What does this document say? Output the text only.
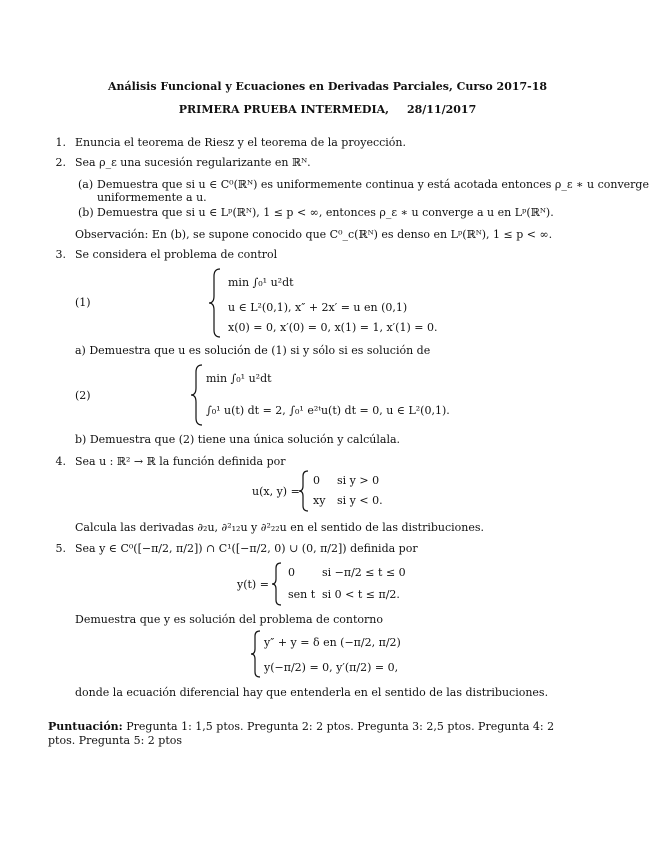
Análisis Funcional y Ecuaciones en Derivadas Parciales, Curso 2017-18
PRIMERA PRUEBA INTERMEDIA, 28/11/2017
1. Enuncia el teorema de Riesz y el teorema de la proyección.
2. Sea ρ_ε una sucesión regularizante en ℝᴺ.
(a) Demuestra que si u ∈ C⁰(ℝᴺ) es uniformemente continua y está acotada entonces ρ_ε ∗ u converge
uniformemente a u.
(b) Demuestra que si u ∈ Lᵖ(ℝᴺ), 1 ≤ p < ∞, entonces ρ_ε ∗ u converge a u en Lᵖ(ℝᴺ).
Observación: En (b), se supone conocido que C⁰_c(ℝᴺ) es denso en Lᵖ(ℝᴺ), 1 ≤ p < ∞.
3. Se considera el problema de control
(1)
min ∫₀¹ u²dt
u ∈ L²(0,1), x″ + 2x′ = u en (0,1)
x(0) = 0, x′(0) = 0, x(1) = 1, x′(1) = 0.
a) Demuestra que u es solución de (1) si y sólo si es solución de
(2)
min ∫₀¹ u²dt
∫₀¹ u(t) dt = 2, ∫₀¹ e²ᵗu(t) dt = 0, u ∈ L²(0,1).
b) Demuestra que (2) tiene una única solución y calcúlala.
4. Sea u : ℝ² → ℝ la función definida por
u(x, y) =
0 si y > 0
xy si y < 0.
Calcula las derivadas ∂₂u, ∂²₁₂u y ∂²₂₂u en el sentido de las distribuciones.
5. Sea y ∈ C⁰([−π/2, π/2]) ∩ C¹([−π/2, 0) ∪ (0, π/2]) definida por
y(t) =
0 si −π/2 ≤ t ≤ 0
sen t si 0 < t ≤ π/2.
Demuestra que y es solución del problema de contorno
y″ + y = δ en (−π/2, π/2)
y(−π/2) = 0, y′(π/2) = 0,
donde la ecuación diferencial hay que entenderla en el sentido de las distribuciones.
Puntuación: Pregunta 1: 1,5 ptos. Pregunta 2: 2 ptos. Pregunta 3: 2,5 ptos. Pregunta 4: 2 ptos. Pregunta 5: 2 ptos
